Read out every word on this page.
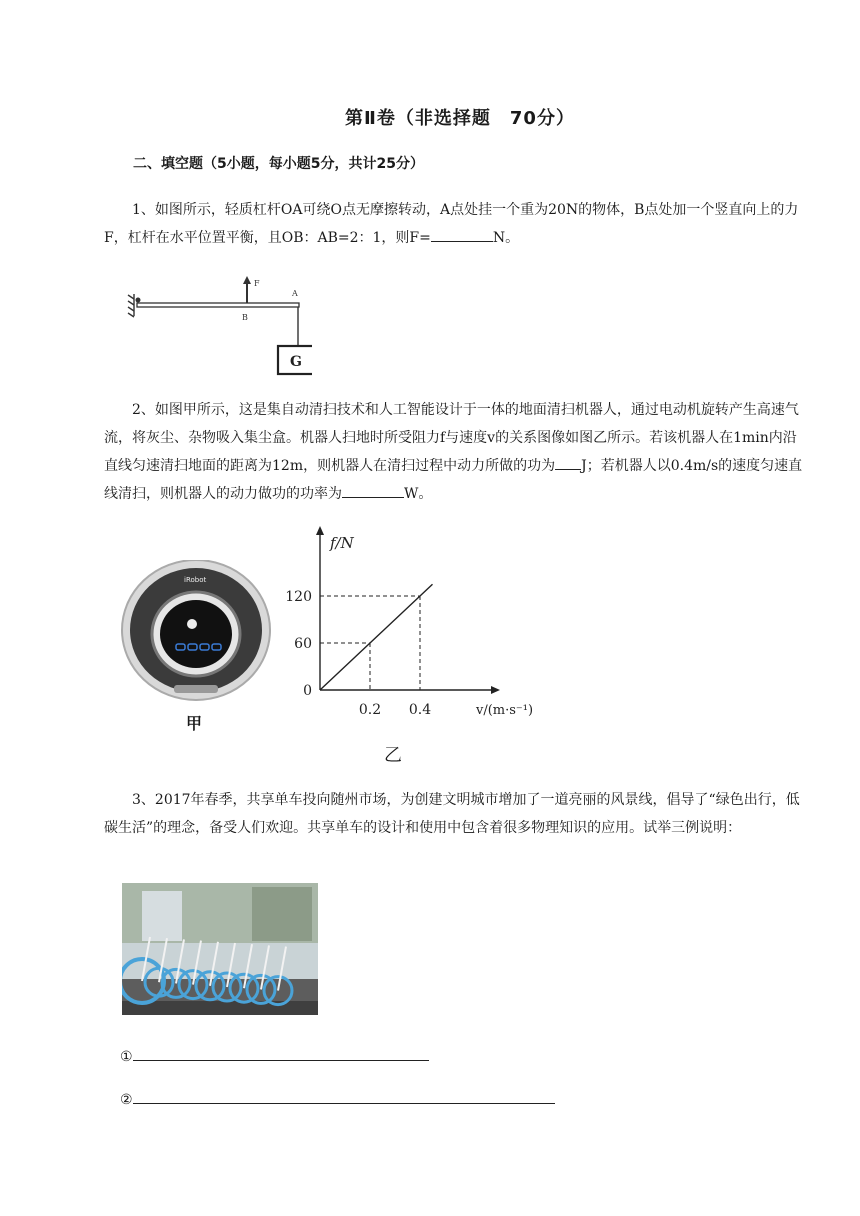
第Ⅱ卷（非选择题　70分）
二、填空题（5小题，每小题5分，共计25分）
1、如图所示，轻质杠杆OA可绕O点无摩擦转动，A点处挂一个重为20N的物体，B点处加一个竖直向上的力F，杠杆在水平位置平衡，且OB：AB=2：1，则F=	N。
F
B
A
G
2、如图甲所示，这是集自动清扫技术和人工智能设计于一体的地面清扫机器人，通过电动机旋转产生高速气流，将灰尘、杂物吸入集尘盒。机器人扫地时所受阻力f与速度v的关系图像如图乙所示。若该机器人在1min内沿直线匀速清扫地面的距离为12m，则机器人在清扫过程中动力所做的功为 J；若机器人以0.4m/s的速度匀速直线清扫，则机器人的动力做功的功率为	W。
iRobot
甲
f/N
v/(m·s⁻¹)
0
60
120
0.2 0.4
乙
3、2017年春季，共享单车投向随州市场，为创建文明城市增加了一道亮丽的风景线，倡导了“绿色出行，低碳生活”的理念，备受人们欢迎。共享单车的设计和使用中包含着很多物理知识的应用。试举三例说明：
①
②
